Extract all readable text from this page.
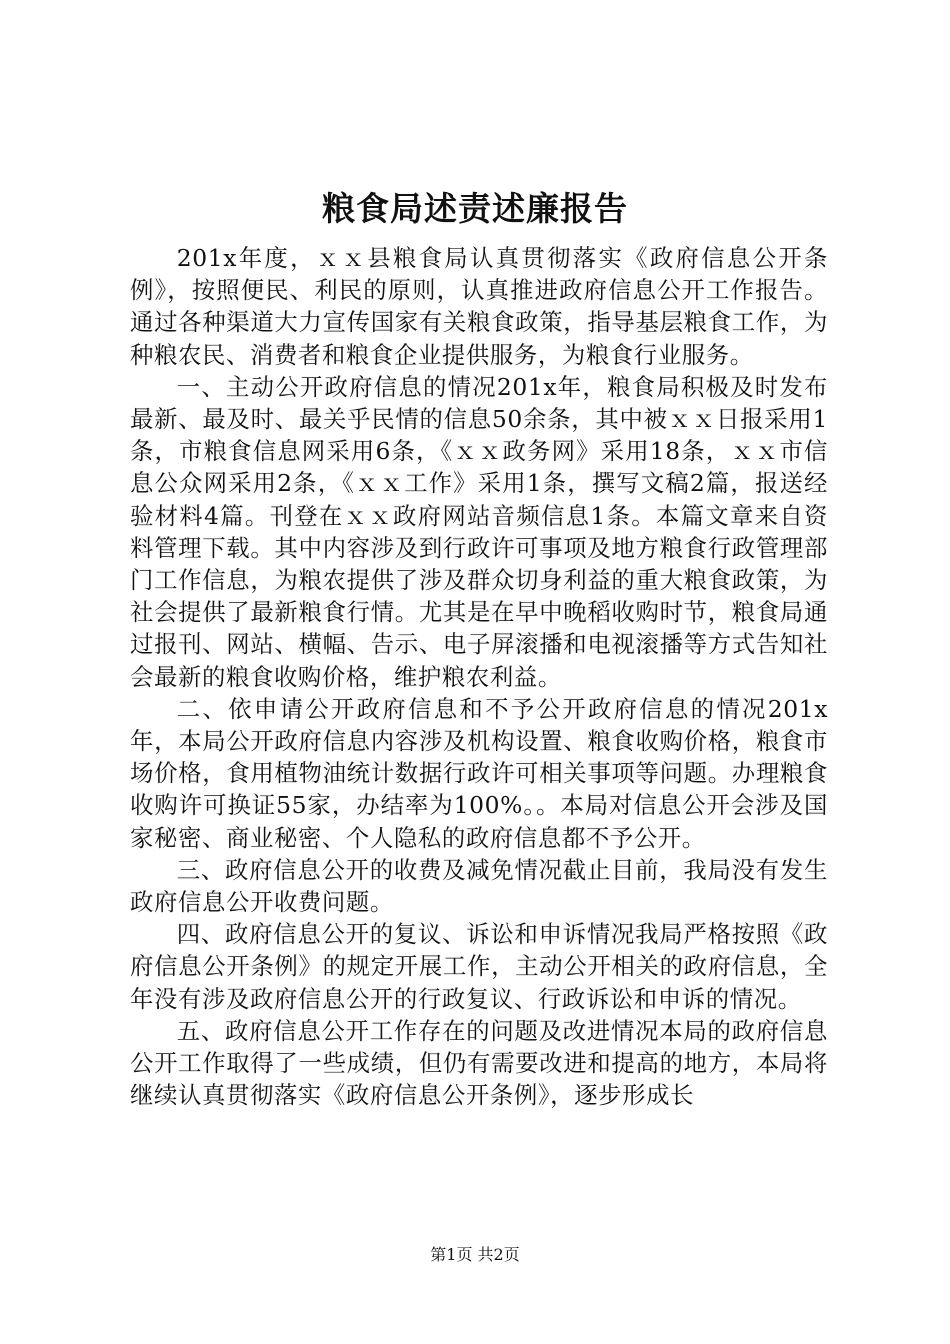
粮食局述责述廉报告

201x年度，ｘｘ县粮食局认真贯彻落实《政府信息公开条例》，按照便民、利民的原则，认真推进政府信息公开工作报告。通过各种渠道大力宣传国家有关粮食政策，指导基层粮食工作，为种粮农民、消费者和粮食企业提供服务，为粮食行业服务。

一、主动公开政府信息的情况201x年，粮食局积极及时发布最新、最及时、最关乎民情的信息50余条，其中被ｘｘ日报采用1条，市粮食信息网采用6条，《ｘｘ政务网》采用18条，ｘｘ市信息公众网采用2条，《ｘｘ工作》采用1条，撰写文稿2篇，报送经验材料4篇。刊登在ｘｘ政府网站音频信息1条。本篇文章来自资料管理下载。其中内容涉及到行政许可事项及地方粮食行政管理部门工作信息，为粮农提供了涉及群众切身利益的重大粮食政策，为社会提供了最新粮食行情。尤其是在早中晚稻收购时节，粮食局通过报刊、网站、横幅、告示、电子屏滚播和电视滚播等方式告知社会最新的粮食收购价格，维护粮农利益。

二、依申请公开政府信息和不予公开政府信息的情况201x年，本局公开政府信息内容涉及机构设置、粮食收购价格，粮食市场价格，食用植物油统计数据行政许可相关事项等问题。办理粮食收购许可换证55家，办结率为100%。。本局对信息公开会涉及国家秘密、商业秘密、个人隐私的政府信息都不予公开。

三、政府信息公开的收费及减免情况截止目前，我局没有发生政府信息公开收费问题。

四、政府信息公开的复议、诉讼和申诉情况我局严格按照《政府信息公开条例》的规定开展工作，主动公开相关的政府信息，全年没有涉及政府信息公开的行政复议、行政诉讼和申诉的情况。

五、政府信息公开工作存在的问题及改进情况本局的政府信息公开工作取得了一些成绩，但仍有需要改进和提高的地方，本局将继续认真贯彻落实《政府信息公开条例》，逐步形成长

第1页 共2页
